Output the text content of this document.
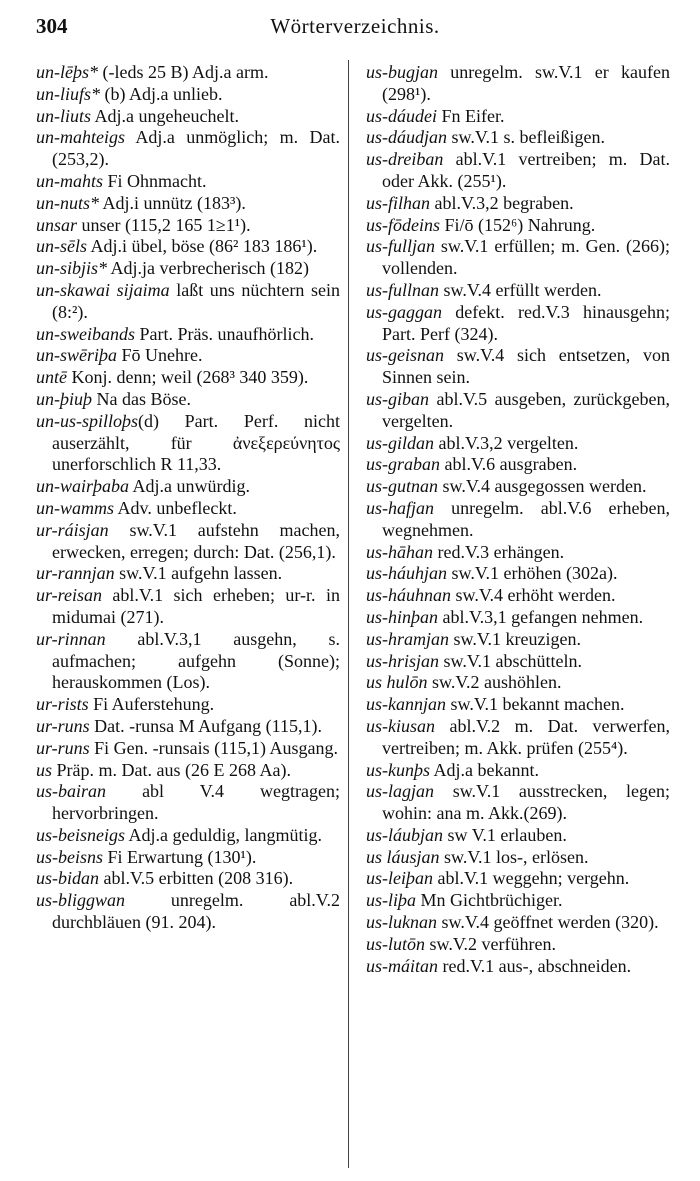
304	Wörterverzeichnis.
un-lēþs* (-leds 25 B) Adj.a arm.
un-liufs* (b) Adj.a unlieb.
un-liuts Adj.a ungeheuchelt.
un-mahteigs Adj.a unmöglich; m. Dat. (253,2).
un-mahts Fi Ohnmacht.
un-nuts* Adj.i unnütz (183³).
unsar unser (115,2 165 1≥1¹).
un-sēls Adj.i übel, böse (86² 183 186¹).
un-sibjis* Adj.ja verbrecherisch (182)
un-skawai sijaima laßt uns nüchtern sein (8:²).
un-sweibands Part. Präs. unaufhörlich.
un-swēriþa Fō Unehre.
untē Konj. denn; weil (268³ 340 359).
un-þiuþ Na das Böse.
un-us-spilloþs(d) Part. Perf. nicht auserzählt, für ἀνεξερεύνητος unerforschlich R 11,33.
un-wairþaba Adj.a unwürdig.
un-wamms Adv. unbefleckt.
ur-ráisjan sw.V.1 aufstehn machen, erwecken, erregen; durch: Dat. (256,1).
ur-rannjan sw.V.1 aufgehn lassen.
ur-reisan abl.V.1 sich erheben; ur-r. in midumai (271).
ur-rinnan abl.V.3,1 ausgehn, s. aufmachen; aufgehn (Sonne); herauskommen (Los).
ur-rists Fi Auferstehung.
ur-runs Dat. -runsa M Aufgang (115,1).
ur-runs Fi Gen. -runsais (115,1) Ausgang.
us Präp. m. Dat. aus (26 E 268 Aa).
us-bairan abl V.4 wegtragen; hervorbringen.
us-beisneigs Adj.a geduldig, langmütig.
us-beisns Fi Erwartung (130¹).
us-bidan abl.V.5 erbitten (208 316).
us-bliggwan unregelm. abl.V.2 durchbläuen (91. 204).
us-bugjan unregelm. sw.V.1 er kaufen (298¹).
us-dáudei Fn Eifer.
us-dáudjan sw.V.1 s. befleißigen.
us-dreiban abl.V.1 vertreiben; m. Dat. oder Akk. (255¹).
us-filhan abl.V.3,2 begraben.
us-fōdeins Fi/ō (152⁶) Nahrung.
us-fulljan sw.V.1 erfüllen; m. Gen. (266); vollenden.
us-fullnan sw.V.4 erfüllt werden.
us-gaggan defekt. red.V.3 hinausgehn; Part. Perf (324).
us-geisnan sw.V.4 sich entsetzen, von Sinnen sein.
us-giban abl.V.5 ausgeben, zurückgeben, vergelten.
us-gildan abl.V.3,2 vergelten.
us-graban abl.V.6 ausgraben.
us-gutnan sw.V.4 ausgegossen werden.
us-hafjan unregelm. abl.V.6 erheben, wegnehmen.
us-hāhan red.V.3 erhängen.
us-háuhjan sw.V.1 erhöhen (302a).
us-háuhnan sw.V.4 erhöht werden.
us-hinþan abl.V.3,1 gefangen nehmen.
us-hramjan sw.V.1 kreuzigen.
us-hrisjan sw.V.1 abschütteln.
us hulōn sw.V.2 aushöhlen.
us-kannjan sw.V.1 bekannt machen.
us-kiusan abl.V.2 m. Dat. verwerfen, vertreiben; m. Akk. prüfen (255⁴).
us-kunþs Adj.a bekannt.
us-lagjan sw.V.1 ausstrecken, legen; wohin: ana m. Akk.(269).
us-láubjan sw V.1 erlauben.
us láusjan sw.V.1 los-, erlösen.
us-leiþan abl.V.1 weggehn; vergehn.
us-liþa Mn Gichtbrüchiger.
us-luknan sw.V.4 geöffnet werden (320).
us-lutōn sw.V.2 verführen.
us-máitan red.V.1 aus-, abschneiden.
